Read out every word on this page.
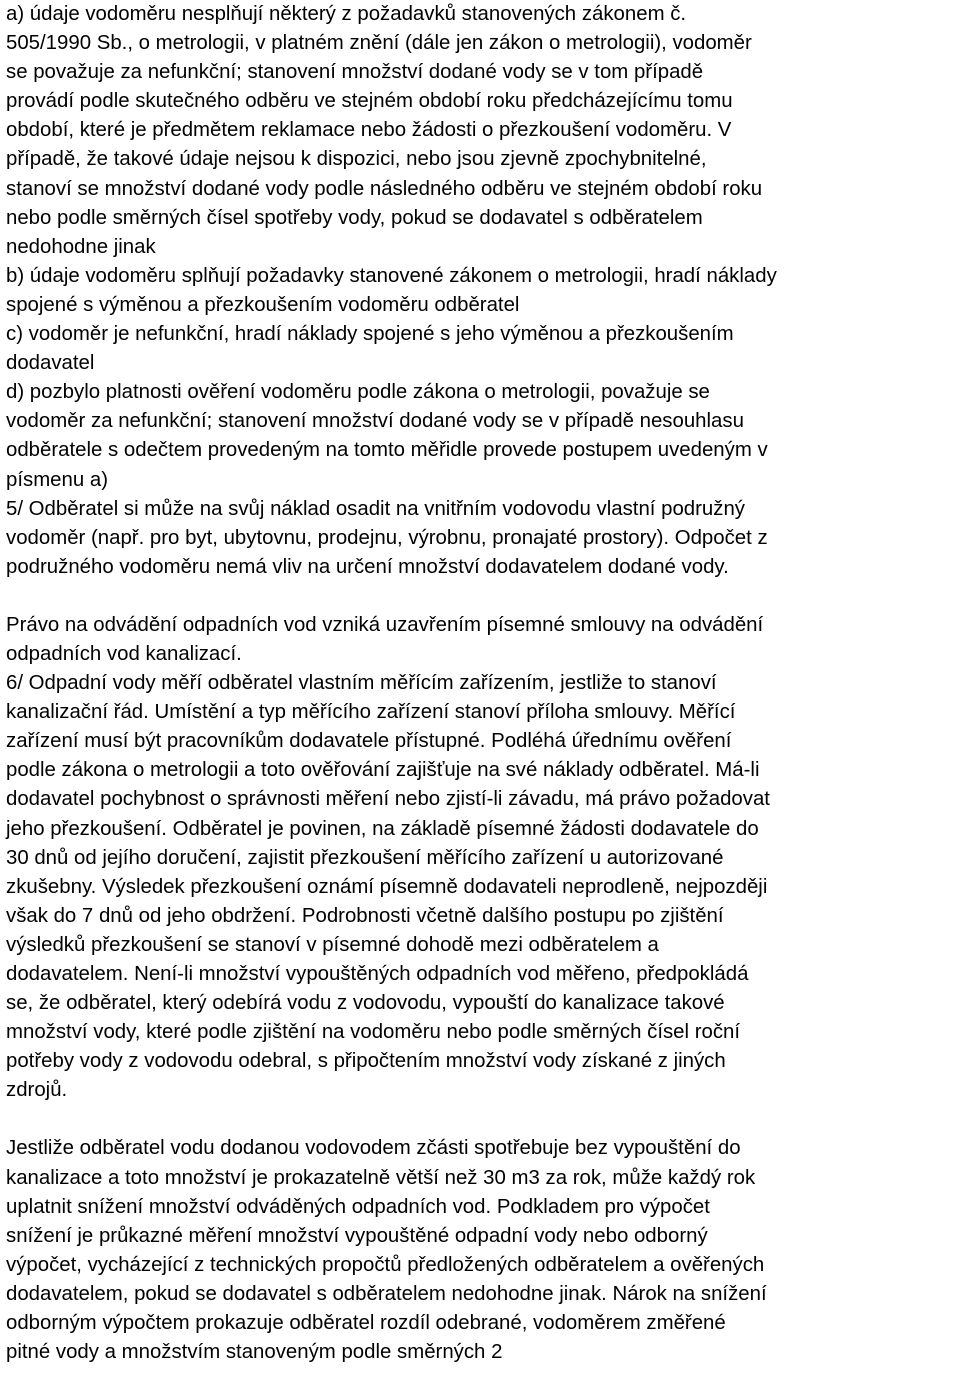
a) údaje vodoměru nesplňují některý z požadavků stanovených zákonem č.
505/1990 Sb., o metrologii, v platném znění (dále jen zákon o metrologii), vodoměr
se považuje za nefunkční; stanovení množství dodané vody se v tom případě
provádí podle skutečného odběru ve stejném období roku předcházejícímu tomu
období, které je předmětem reklamace nebo žádosti o přezkoušení vodoměru. V
případě, že takové údaje nejsou k dispozici, nebo jsou zjevně zpochybnitelné,
stanoví se množství dodané vody podle následného odběru ve stejném období roku
nebo podle směrných čísel spotřeby vody, pokud se dodavatel s odběratelem
nedohodne jinak

b) údaje vodoměru splňují požadavky stanovené zákonem o metrologii, hradí náklady
spojené s výměnou a přezkoušením vodoměru odběratel

c) vodoměr je nefunkční, hradí náklady spojené s jeho výměnou a přezkoušením
dodavatel

d) pozbylo platnosti ověření vodoměru podle zákona o metrologii, považuje se
vodoměr za nefunkční; stanovení množství dodané vody se v případě nesouhlasu
odběratele s odečtem provedeným na tomto měřidle provede postupem uvedeným v
písmenu a)
5/ Odběratel si může na svůj náklad osadit na vnitřním vodovodu vlastní podružný
vodoměr (např. pro byt, ubytovnu, prodejnu, výrobnu, pronajaté prostory). Odpočet z
podružného vodoměru nemá vliv na určení množství dodavatelem dodané vody.

Právo na odvádění odpadních vod vzniká uzavřením písemné smlouvy na odvádění
odpadních vod kanalizací.
6/ Odpadní vody měří odběratel vlastním měřícím zařízením, jestliže to stanoví
kanalizační řád. Umístění a typ měřícího zařízení stanoví příloha smlouvy. Měřící
zařízení musí být pracovníkům dodavatele přístupné. Podléhá úřednímu ověření
podle zákona o metrologii a toto ověřování zajišťuje na své náklady odběratel. Má-li
dodavatel pochybnost o správnosti měření nebo zjistí-li závadu, má právo požadovat
jeho přezkoušení. Odběratel je povinen, na základě písemné žádosti dodavatele do
30 dnů od jejího doručení, zajistit přezkoušení měřícího zařízení u autorizované
zkušebny. Výsledek přezkoušení oznámí písemně dodavateli neprodleně, nejpozději
však do 7 dnů od jeho obdržení. Podrobnosti včetně dalšího postupu po zjištění
výsledků přezkoušení se stanoví v písemné dohodě mezi odběratelem a
dodavatelem. Není-li množství vypouštěných odpadních vod měřeno, předpokládá
se, že odběratel, který odebírá vodu z vodovodu, vypouští do kanalizace takové
množství vody, které podle zjištění na vodoměru nebo podle směrných čísel roční
potřeby vody z vodovodu odebral, s připočtením množství vody získané z jiných
zdrojů.

Jestliže odběratel vodu dodanou vodovodem zčásti spotřebuje bez vypouštění do
kanalizace a toto množství je prokazatelně větší než 30 m3 za rok, může každý rok
uplatnit snížení množství odváděných odpadních vod. Podkladem pro výpočet
snížení je průkazné měření množství vypouštěné odpadní vody nebo odborný
výpočet, vycházející z technických propočtů předložených odběratelem a ověřených
dodavatelem, pokud se dodavatel s odběratelem nedohodne jinak. Nárok na snížení
odborným výpočtem prokazuje odběratel rozdíl odebrané, vodoměrem změřené
pitné vody a množstvím stanoveným podle směrných 2
